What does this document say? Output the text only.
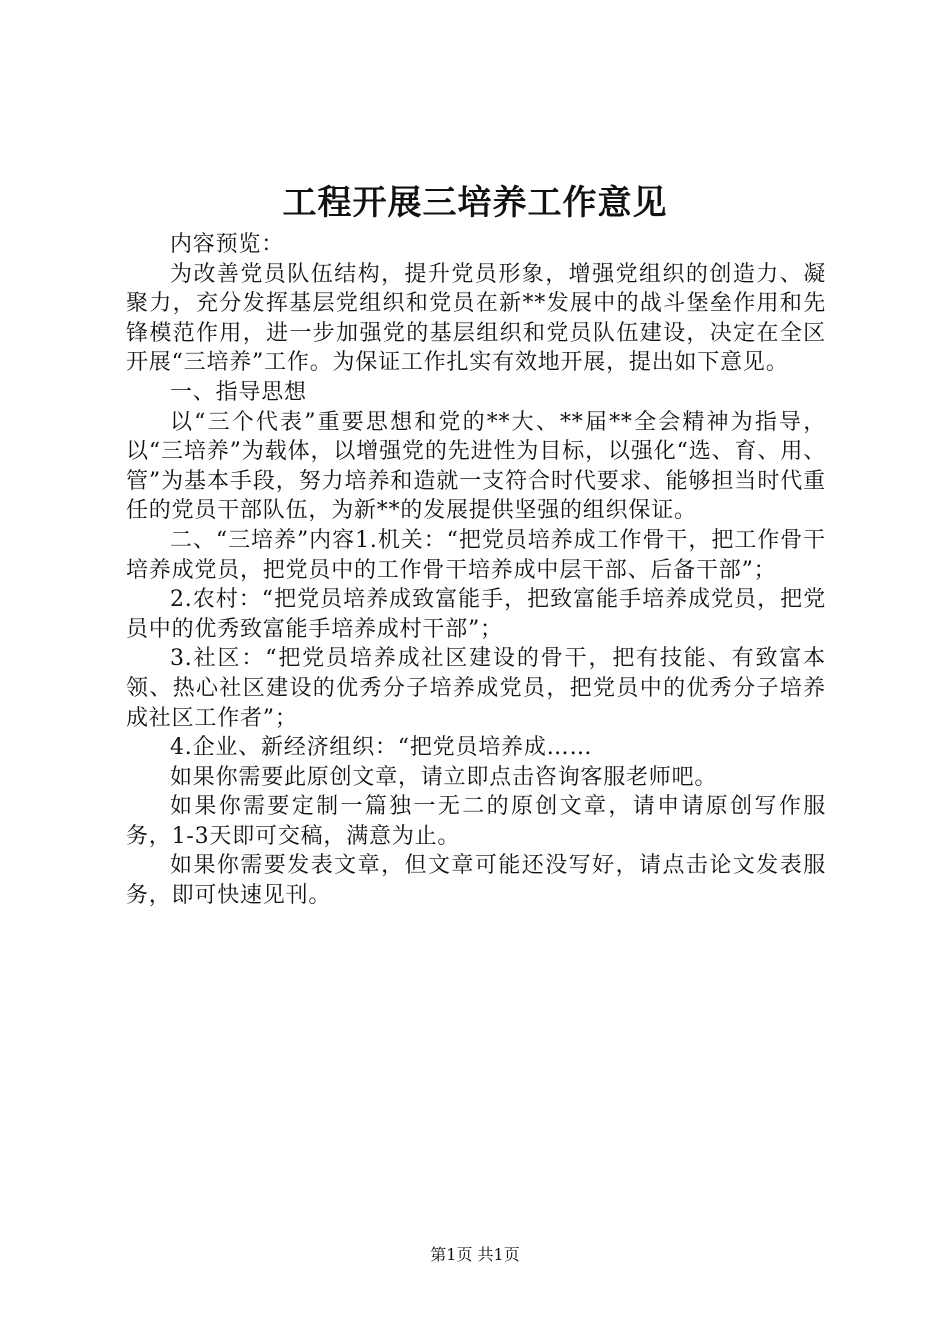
工程开展三培养工作意见

内容预览：

为改善党员队伍结构，提升党员形象，增强党组织的创造力、凝聚力，充分发挥基层党组织和党员在新**发展中的战斗堡垒作用和先锋模范作用，进一步加强党的基层组织和党员队伍建设，决定在全区开展“三培养”工作。为保证工作扎实有效地开展，提出如下意见。

一、指导思想

以“三个代表”重要思想和党的**大、**届**全会精神为指导，以“三培养”为载体，以增强党的先进性为目标，以强化“选、育、用、管”为基本手段，努力培养和造就一支符合时代要求、能够担当时代重任的党员干部队伍，为新**的发展提供坚强的组织保证。

二、“三培养”内容1.机关：“把党员培养成工作骨干，把工作骨干培养成党员，把党员中的工作骨干培养成中层干部、后备干部”；

2.农村：“把党员培养成致富能手，把致富能手培养成党员，把党员中的优秀致富能手培养成村干部”；

3.社区：“把党员培养成社区建设的骨干，把有技能、有致富本领、热心社区建设的优秀分子培养成党员，把党员中的优秀分子培养成社区工作者”；

4.企业、新经济组织：“把党员培养成……

如果你需要此原创文章，请立即点击咨询客服老师吧。

如果你需要定制一篇独一无二的原创文章，请申请原创写作服务，1-3天即可交稿，满意为止。

如果你需要发表文章，但文章可能还没写好，请点击论文发表服务，即可快速见刊。

第1页 共1页
